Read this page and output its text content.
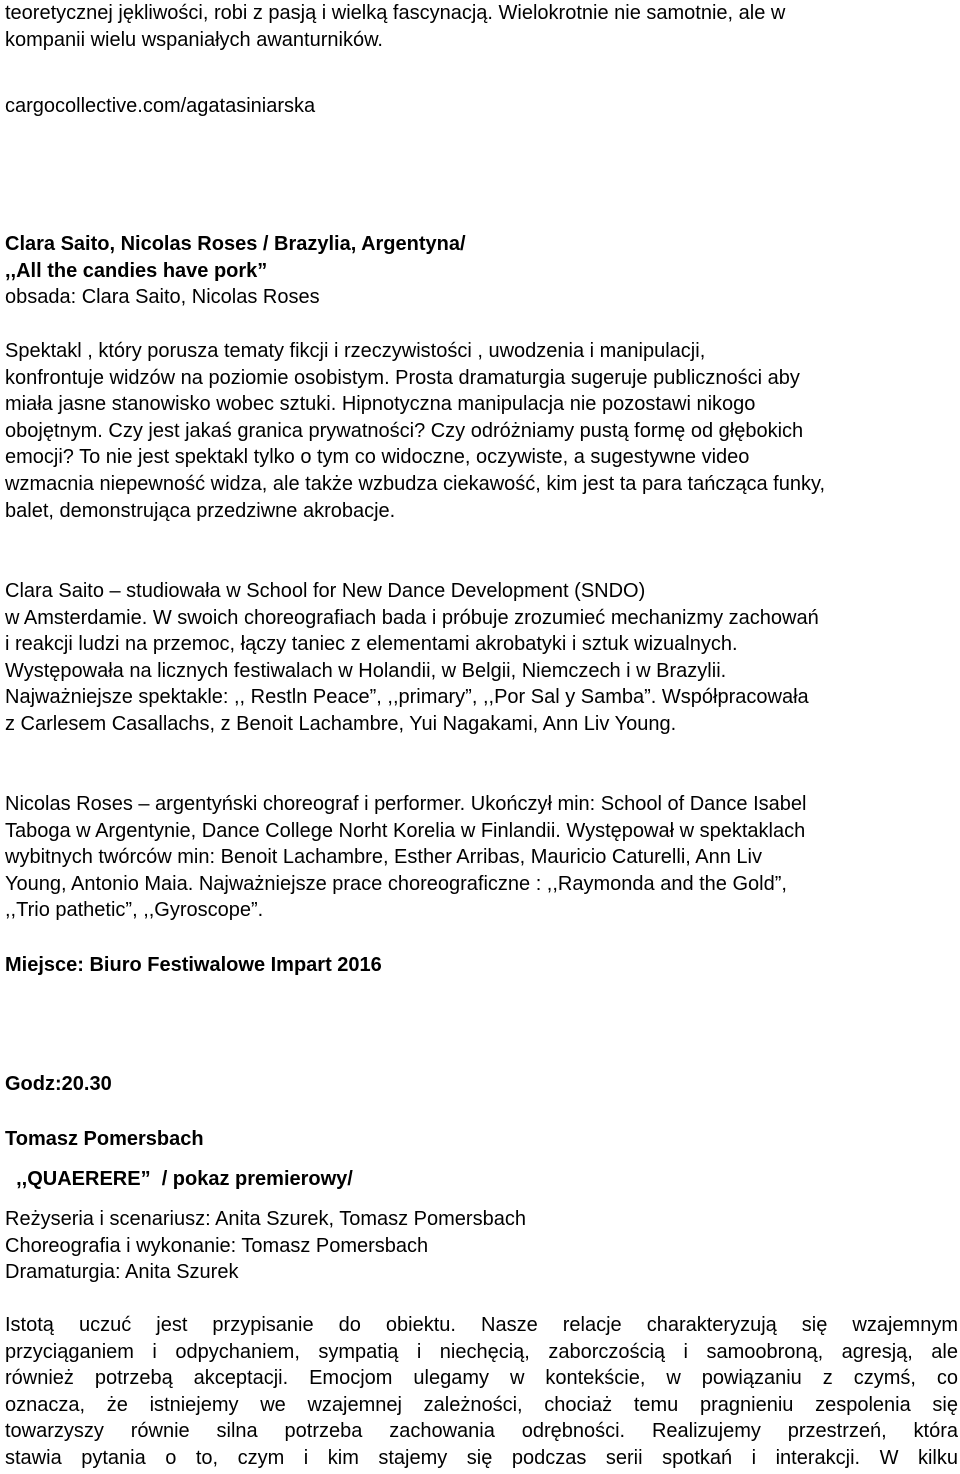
teoretycznej jękliwości, robi z pasją i wielką fascynacją. Wielokrotnie nie samotnie, ale w
kompanii wielu wspaniałych awanturników.
cargocollective.com/agatasiniarska
Clara Saito, Nicolas Roses / Brazylia, Argentyna/
,,All the candies have pork”
obsada: Clara Saito, Nicolas Roses
Spektakl , który porusza tematy fikcji i rzeczywistości , uwodzenia i manipulacji,
konfrontuje widzów na poziomie osobistym. Prosta dramaturgia sugeruje publiczności aby
miała jasne stanowisko wobec sztuki. Hipnotyczna manipulacja nie pozostawi nikogo
obojętnym. Czy jest jakaś granica prywatności? Czy odróżniamy pustą formę od głębokich
emocji? To nie jest spektakl tylko o tym co widoczne, oczywiste, a sugestywne video
wzmacnia niepewność widza, ale także wzbudza ciekawość, kim jest ta para tańcząca funky,
balet, demonstrująca przedziwne akrobacje.
Clara Saito – studiowała w School for New Dance Development (SNDO)
w Amsterdamie. W swoich choreografiach bada i próbuje zrozumieć mechanizmy zachowań
i reakcji ludzi na przemoc, łączy taniec z elementami akrobatyki i sztuk wizualnych.
Występowała na licznych festiwalach w Holandii, w Belgii, Niemczech i w Brazylii.
Najważniejsze spektakle: ,, Restln Peace”, ,,primary”, ,,Por Sal y Samba”. Współpracowała
z Carlesem Casallachs, z Benoit Lachambre, Yui Nagakami, Ann Liv Young.
Nicolas Roses – argentyński choreograf i performer. Ukończył min: School of Dance Isabel
Taboga w Argentynie, Dance College Norht Korelia w Finlandii. Występował w spektaklach
wybitnych twórców min: Benoit Lachambre, Esther Arribas, Mauricio Caturelli, Ann Liv
Young, Antonio Maia. Najważniejsze prace choreograficzne : ,,Raymonda and the Gold”,
,,Trio pathetic”, ,,Gyroscope”.
Miejsce: Biuro Festiwalowe Impart 2016
Godz:20.30
Tomasz Pomersbach
,,QUAERERE”  / pokaz premierowy/
Reżyseria i scenariusz: Anita Szurek, Tomasz Pomersbach
Choreografia i wykonanie: Tomasz Pomersbach
Dramaturgia: Anita Szurek
Istotą uczuć jest przypisanie do obiektu. Nasze relacje charakteryzują się wzajemnym
przyciąganiem i odpychaniem, sympatią i niechęcią, zaborczością i samoobroną, agresją, ale
również potrzebą akceptacji. Emocjom ulegamy w kontekście, w powiązaniu z czymś, co
oznacza, że istniejemy we wzajemnej zależności, chociaż temu pragnieniu zespolenia się
towarzyszy równie silna potrzeba zachowania odrębności. Realizujemy przestrzeń, która
stawia pytania o to, czym i kim stajemy się podczas serii spotkań i interakcji. W kilku
